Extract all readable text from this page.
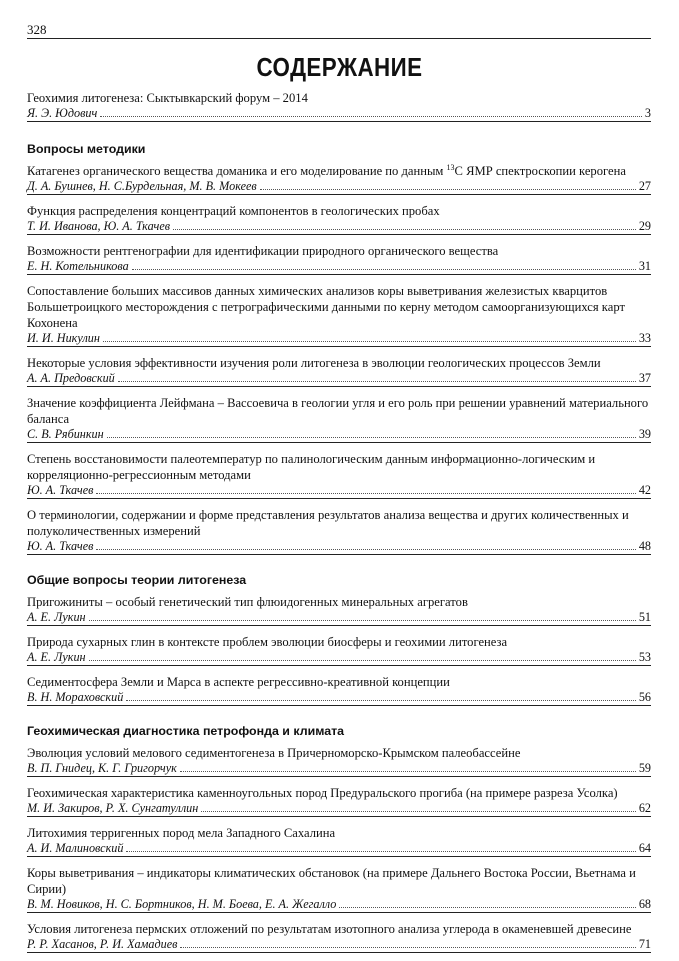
328
СОДЕРЖАНИЕ
Геохимия литогенеза: Сыктывкарский форум – 2014
Я. Э. Юдович	3
Вопросы методики
Катагенез органического вещества доманика и его моделирование по данным $^{13}$С ЯМР спектроскопии керогена
Д. А. Бушнев, Н. С.Бурдельная, М. В. Мокеев	27
Функция распределения концентраций компонентов в геологических пробах
Т. И. Иванова, Ю. А. Ткачев	29
Возможности рентгенографии для идентификации природного органического вещества
Е. Н. Котельникова	31
Сопоставление больших массивов данных химических анализов коры выветривания железистых кварцитов Большетроицкого месторождения с петрографическими данными по керну методом самоорганизующихся карт Кохонена
И. И. Никулин	33
Некоторые условия эффективности изучения роли литогенеза в эволюции геологических процессов Земли
А. А. Предовский	37
Значение коэффициента Лейфмана – Вассоевича в геологии угля и его роль при решении уравнений материального баланса
С. В. Рябинкин	39
Степень восстановимости палеотемператур по палинологическим данным информационно-логическим и корреляционно-регрессионным методами
Ю. А. Ткачев	42
О терминологии, содержании и форме представления результатов анализа вещества и других количественных и полуколичественных измерений
Ю. А. Ткачев	48
Общие вопросы теории литогенеза
Пригожиниты – особый генетический тип флюидогенных минеральных агрегатов
А. Е. Лукин	51
Природа сухарных глин в контексте проблем эволюции биосферы и геохимии литогенеза
А. Е. Лукин	53
Седиментосфера Земли и Марса в аспекте регрессивно-креативной концепции
В. Н. Мораховский	56
Геохимическая диагностика петрофонда и климата
Эволюция условий мелового седиментогенеза в Причерноморско-Крымском палеобассейне
В. П. Гнидец, К. Г. Григорчук	59
Геохимическая характеристика каменноугольных пород Предуральского прогиба (на примере разреза Усолка)
М. И. Закиров, Р. Х. Сунгатуллин	62
Литохимия терригенных пород мела Западного Сахалина
А. И. Малиновский	64
Коры выветривания – индикаторы климатических обстановок (на примере Дальнего Востока России, Вьетнама и Сирии)
В. М. Новиков, Н. С. Бортников, Н. М. Боева, Е. А. Жегалло	68
Условия литогенеза пермских отложений по результатам изотопного анализа углерода в окаменевшей древесине
Р. Р. Хасанов, Р. И. Хамадиев	71
